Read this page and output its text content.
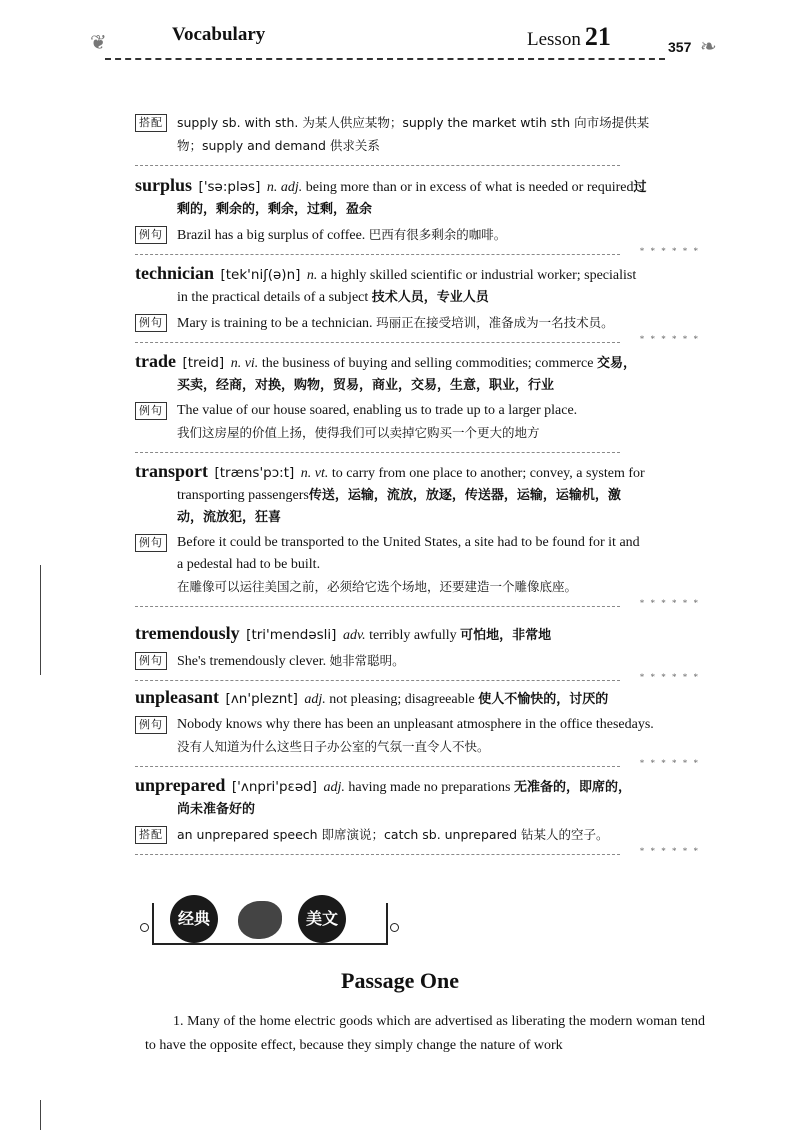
❦	Vocabulary	Lesson 21	357 ❧
搭配	supply sb. with sth. 为某人供应某物；supply the market wtih sth 向市场提供某
物；supply and demand 供求关系
surplus ['sə:pləs] n. adj. being more than or in excess of what is needed or required过
剩的，剩余的，剩余，过剩，盈余
例句 Brazil has a big surplus of coffee. 巴西有很多剩余的咖啡。
* * * * * *
technician [tek'niʃ(ə)n] n. a highly skilled scientific or industrial worker; specialist
in the practical details of a subject 技术人员，专业人员
例句 Mary is training to be a technician. 玛丽正在接受培训，准备成为一名技术员。
* * * * * *
trade [treid] n. vi. the business of buying and selling commodities; commerce 交易，
买卖，经商，对换，购物，贸易，商业，交易，生意，职业，行业
例句 The value of our house soared, enabling us to trade up to a larger place.
我们这房屋的价值上扬，使得我们可以卖掉它购买一个更大的地方
transport [træns'pɔ:t] n. vt. to carry from one place to another; convey, a system for
transporting passengers传送，运输，流放，放逐，传送器，运输，运输机，激
动，流放犯，狂喜
例句 Before it could be transported to the United States, a site had to be found for it and
a pedestal had to be built.
在雕像可以运往美国之前，必须给它选个场地，还要建造一个雕像底座。
* * * * * *
tremendously [tri'mendəsli] adv. terribly awfully 可怕地，非常地
例句 She's tremendously clever. 她非常聪明。
* * * * * *
unpleasant [ʌn'pleznt] adj. not pleasing; disagreeable 使人不愉快的，讨厌的
例句 Nobody knows why there has been an unpleasant atmosphere in the office thesedays.
没有人知道为什么这些日子办公室的气氛一直令人不快。
* * * * * *
unprepared ['ʌnpri'pɛəd] adj. having made no preparations 无准备的，即席的，
尚未准备好的
搭配	an unprepared speech 即席演说；catch sb. unprepared 钻某人的空子。
* * * * * *
经典	美文
Passage One
1. Many of the home electric goods which are advertised as liberating the modern woman tend to have the opposite effect, because they simply change the nature of work
